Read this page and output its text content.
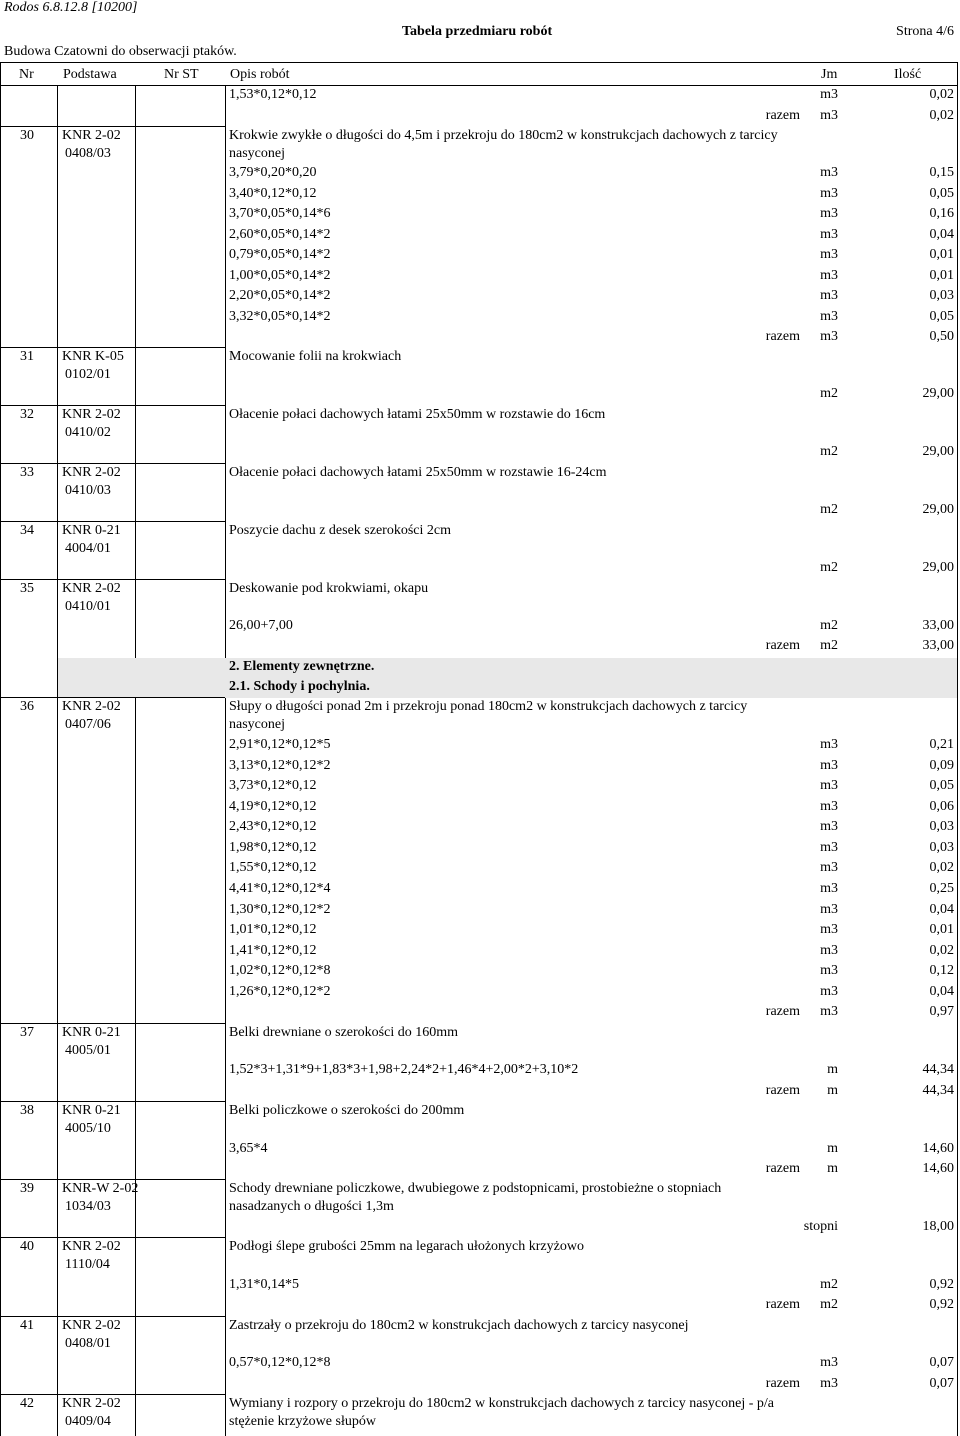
Rodos 6.8.12.8 [10200]
Tabela przedmiaru robót	Strona 4/6
Budowa Czatowni do obserwacji ptaków.
Nr Podstawa	Nr ST Opis robót	Jm	Ilość
1,53*0,12*0,12	m3	0,02
razem m3	0,02
30 KNR 2-02
0408/03
Krokwie zwykłe o długości do 4,5m i przekroju do 180cm2 w konstrukcjach dachowych z tarcicy
nasyconej
3,79*0,20*0,20	m3	0,15
3,40*0,12*0,12	m3	0,05
3,70*0,05*0,14*6	m3	0,16
2,60*0,05*0,14*2	m3	0,04
0,79*0,05*0,14*2	m3	0,01
1,00*0,05*0,14*2	m3	0,01
2,20*0,05*0,14*2	m3	0,03
3,32*0,05*0,14*2	m3	0,05
razem m3	0,50
31 KNR K-05
0102/01
Mocowanie folii na krokwiach
m2	29,00
32 KNR 2-02
0410/02
Ołacenie połaci dachowych łatami 25x50mm w rozstawie do 16cm
m2	29,00
33 KNR 2-02
0410/03
Ołacenie połaci dachowych łatami 25x50mm w rozstawie 16-24cm
m2	29,00
34 KNR 0-21
4004/01
Poszycie dachu z desek szerokości 2cm
m2	29,00
35 KNR 2-02
0410/01
Deskowanie pod krokwiami, okapu
26,00+7,00	m2	33,00
razem m2	33,00
2. Elementy zewnętrzne.
2.1. Schody i pochylnia.
36 KNR 2-02
0407/06
Słupy o długości ponad 2m i przekroju ponad 180cm2 w konstrukcjach dachowych z tarcicy
nasyconej
2,91*0,12*0,12*5	m3	0,21
3,13*0,12*0,12*2	m3	0,09
3,73*0,12*0,12	m3	0,05
4,19*0,12*0,12	m3	0,06
2,43*0,12*0,12	m3	0,03
1,98*0,12*0,12	m3	0,03
1,55*0,12*0,12	m3	0,02
4,41*0,12*0,12*4	m3	0,25
1,30*0,12*0,12*2	m3	0,04
1,01*0,12*0,12	m3	0,01
1,41*0,12*0,12	m3	0,02
1,02*0,12*0,12*8	m3	0,12
1,26*0,12*0,12*2	m3	0,04
razem m3	0,97
37 KNR 0-21
4005/01
Belki drewniane o szerokości do 160mm
1,52*3+1,31*9+1,83*3+1,98+2,24*2+1,46*4+2,00*2+3,10*2	m	44,34
razem m	44,34
38 KNR 0-21
4005/10
Belki policzkowe o szerokości do 200mm
3,65*4	m	14,60
razem m	14,60
39 KNR-W 2-02
1034/03
Schody drewniane policzkowe, dwubiegowe z podstopnicami, prostobieżne o stopniach
nasadzanych o długości 1,3m
stopni	18,00
40 KNR 2-02
1110/04
Podłogi ślepe grubości 25mm na legarach ułożonych krzyżowo
1,31*0,14*5	m2	0,92
razem m2	0,92
41 KNR 2-02
0408/01
Zastrzały o przekroju do 180cm2 w konstrukcjach dachowych z tarcicy nasyconej
0,57*0,12*0,12*8	m3	0,07
razem m3	0,07
42 KNR 2-02
0409/04
Wymiany i rozpory o przekroju do 180cm2 w konstrukcjach dachowych z tarcicy nasyconej - p/a
stężenie krzyżowe słupów
